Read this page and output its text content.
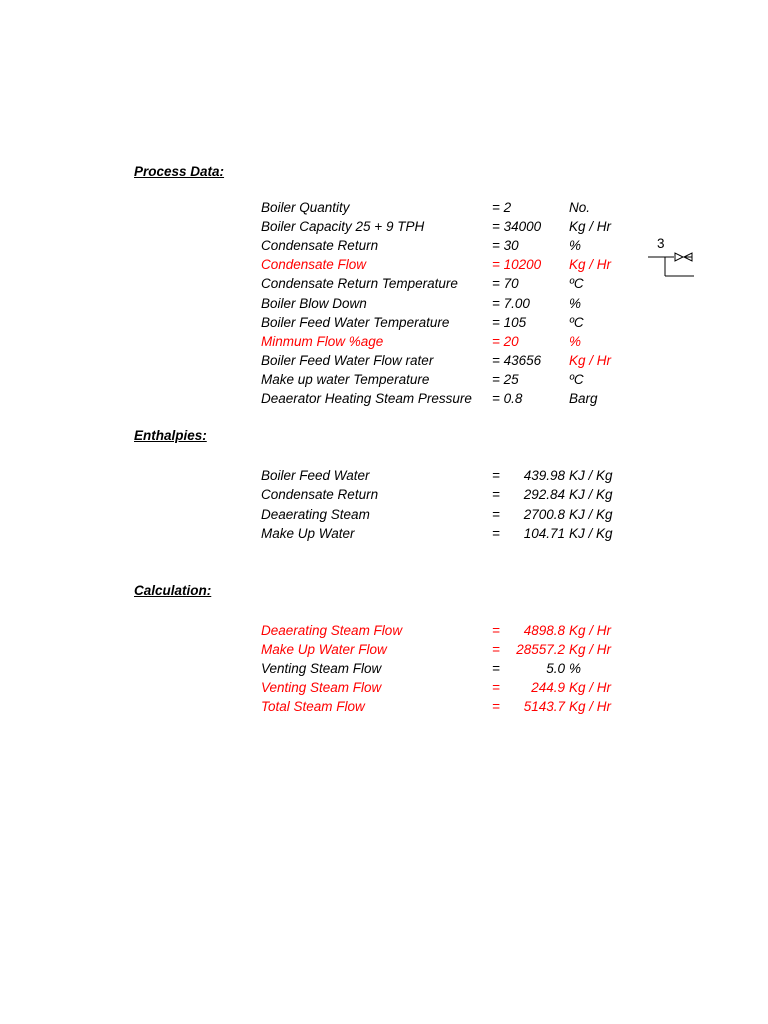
Process Data:
Enthalpies:
Calculation:
Boiler Quantity	= 2	No.
Boiler Capacity 25 + 9 TPH	= 34000 Kg / Hr
Condensate Return	= 30	%
Condensate Flow	= 10200 Kg / Hr
Condensate Return Temperature	= 70	ºC
Boiler Blow Down	= 7.00	%
Boiler Feed Water Temperature	= 105	ºC
Minmum Flow %age	= 20	%
Boiler Feed Water Flow rater	= 43656 Kg / Hr
Make up water Temperature	= 25	ºC
Deaerator Heating Steam Pressure = 0.8	Barg
Boiler Feed Water	= 439.98 KJ / Kg
Condensate Return	= 292.84 KJ / Kg
Deaerating Steam	= 2700.8 KJ / Kg
Make Up Water	= 104.71 KJ / Kg
Deaerating Steam Flow	= 4898.8 Kg / Hr
Make Up Water Flow	= 28557.2 Kg / Hr
Venting Steam Flow	=	5.0 %
Venting Steam Flow	= 244.9 Kg / Hr
Total Steam Flow	= 5143.7 Kg / Hr
3
